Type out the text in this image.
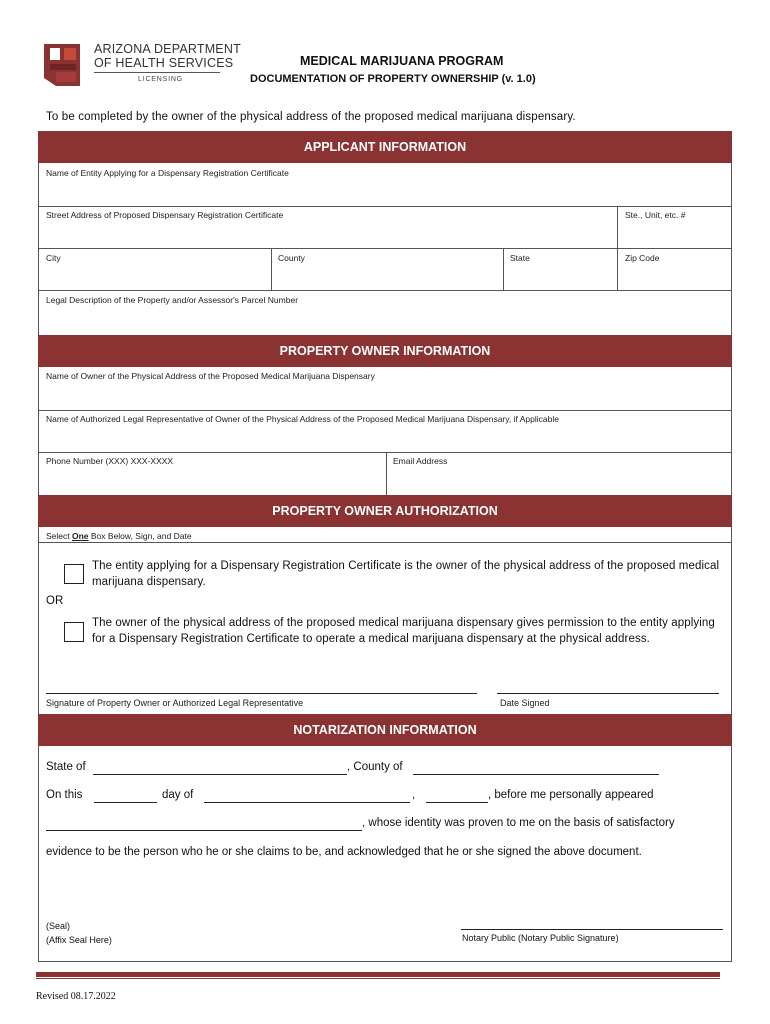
ARIZONA DEPARTMENT
OF HEALTH SERVICES
LICENSING
MEDICAL MARIJUANA PROGRAM
DOCUMENTATION OF PROPERTY OWNERSHIP (v. 1.0)
To be completed by the owner of the physical address of the proposed medical marijuana dispensary.
APPLICANT INFORMATION
Name of Entity Applying for a Dispensary Registration Certificate
Street Address of Proposed Dispensary Registration Certificate	Ste., Unit, etc. #
City	County	State	Zip Code
Legal Description of the Property and/or Assessor's Parcel Number
PROPERTY OWNER INFORMATION
Name of Owner of the Physical Address of the Proposed Medical Marijuana Dispensary
Name of Authorized Legal Representative of Owner of the Physical Address of the Proposed Medical Marijuana Dispensary, if Applicable
Phone Number (XXX) XXX-XXXX	Email Address
PROPERTY OWNER AUTHORIZATION
Select One Box Below, Sign, and Date
The entity applying for a Dispensary Registration Certificate is the owner of the physical address of the proposed medical marijuana dispensary.
OR
The owner of the physical address of the proposed medical marijuana dispensary gives permission to the entity applying for a Dispensary Registration Certificate to operate a medical marijuana dispensary at the physical address.
Signature of Property Owner or Authorized Legal Representative	Date Signed
NOTARIZATION INFORMATION
State of	, County of
On this	day of	,	, before me personally appeared
, whose identity was proven to me on the basis of satisfactory
evidence to be the person who he or she claims to be, and acknowledged that he or she signed the above document.
(Seal)
(Affix Seal Here)	Notary Public (Notary Public Signature)
Revised 08.17.2022
